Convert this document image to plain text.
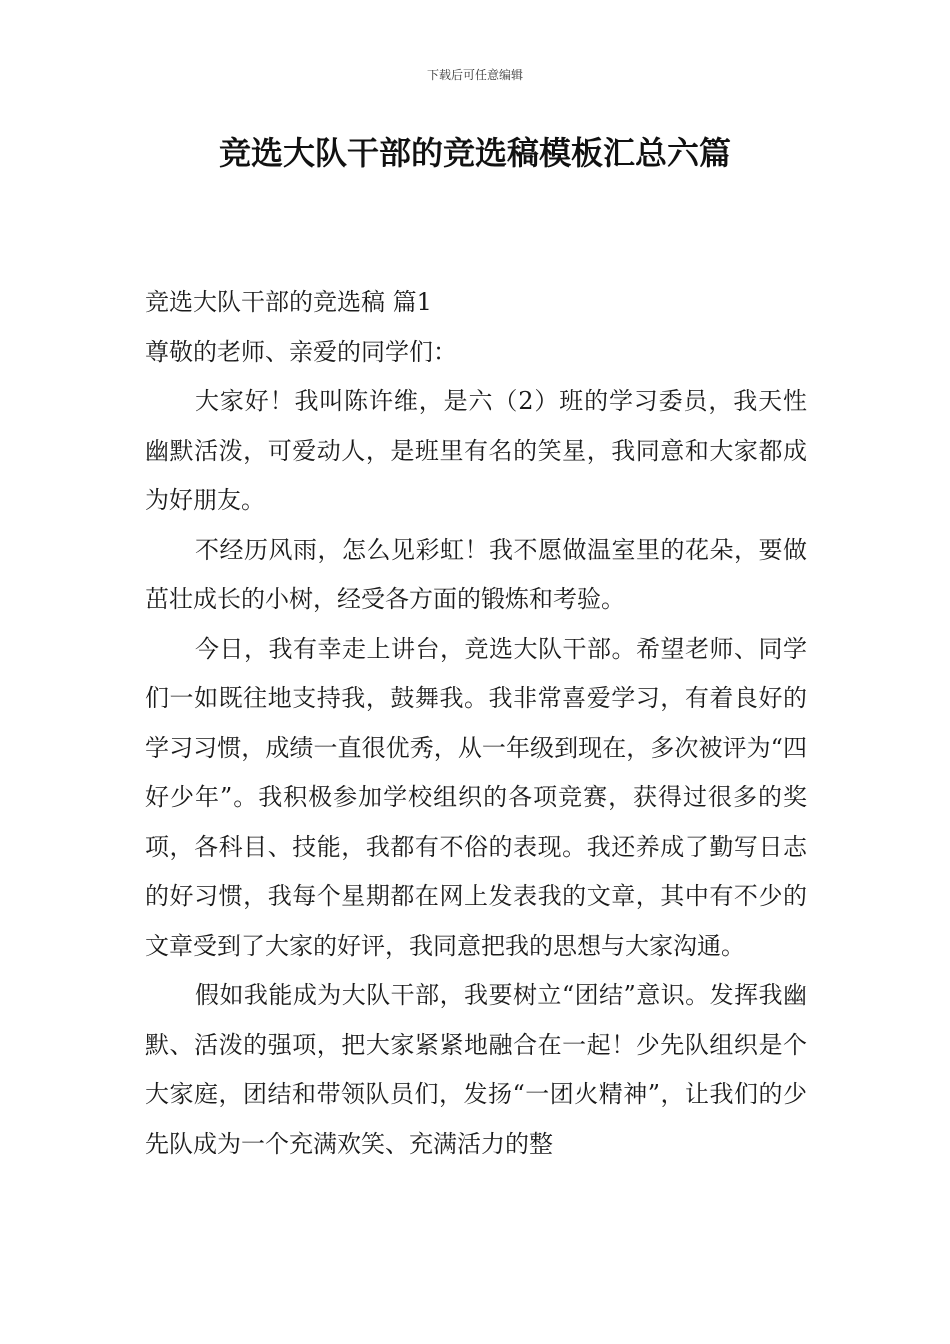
下载后可任意编辑
竞选大队干部的竞选稿模板汇总六篇

竞选大队干部的竞选稿 篇1

尊敬的老师、亲爱的同学们：

大家好！我叫陈许维，是六（2）班的学习委员，我天性幽默活泼，可爱动人，是班里有名的笑星，我同意和大家都成为好朋友。

不经历风雨，怎么见彩虹！我不愿做温室里的花朵，要做茁壮成长的小树，经受各方面的锻炼和考验。

今日，我有幸走上讲台，竞选大队干部。希望老师、同学们一如既往地支持我，鼓舞我。我非常喜爱学习，有着良好的学习习惯，成绩一直很优秀，从一年级到现在，多次被评为“四好少年”。我积极参加学校组织的各项竞赛，获得过很多的奖项，各科目、技能，我都有不俗的表现。我还养成了勤写日志的好习惯，我每个星期都在网上发表我的文章，其中有不少的文章受到了大家的好评，我同意把我的思想与大家沟通。

假如我能成为大队干部，我要树立“团结”意识。发挥我幽默、活泼的强项，把大家紧紧地融合在一起！少先队组织是个大家庭，团结和带领队员们，发扬“一团火精神”，让我们的少先队成为一个充满欢笑、充满活力的整
